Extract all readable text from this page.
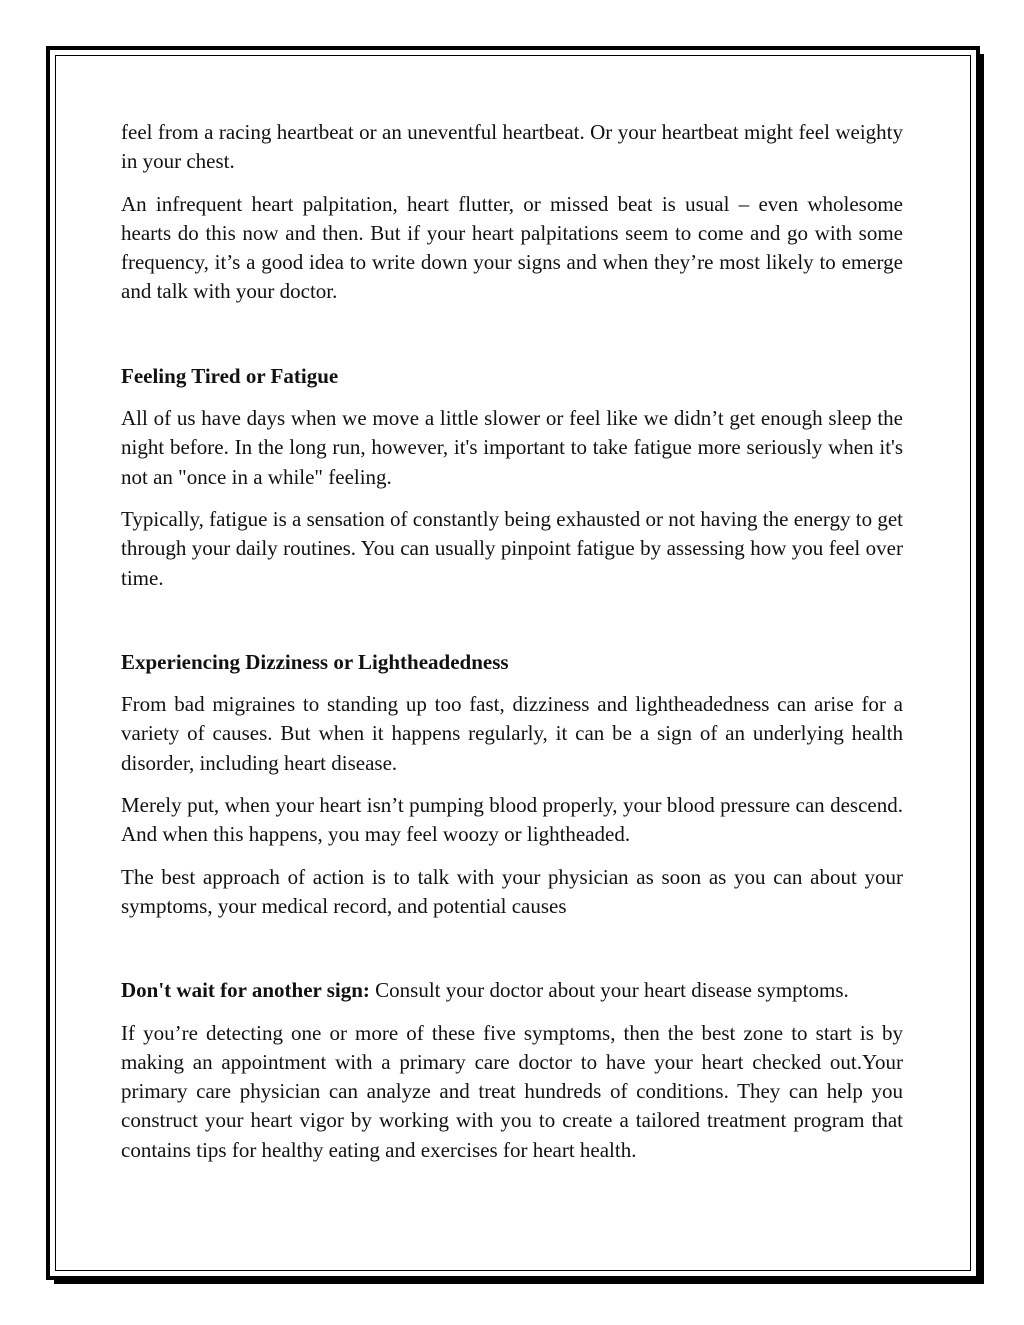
feel from a racing heartbeat or an uneventful heartbeat. Or your heartbeat might feel weighty in your chest.

An infrequent heart palpitation, heart flutter, or missed beat is usual – even wholesome hearts do this now and then. But if your heart palpitations seem to come and go with some frequency, it’s a good idea to write down your signs and when they’re most likely to emerge and talk with your doctor.

Feeling Tired or Fatigue

All of us have days when we move a little slower or feel like we didn’t get enough sleep the night before. In the long run, however, it's important to take fatigue more seriously when it's not an "once in a while" feeling.

Typically, fatigue is a sensation of constantly being exhausted or not having the energy to get through your daily routines. You can usually pinpoint fatigue by assessing how you feel over time.

Experiencing Dizziness or Lightheadedness

From bad migraines to standing up too fast, dizziness and lightheadedness can arise for a variety of causes. But when it happens regularly, it can be a sign of an underlying health disorder, including heart disease.

Merely put, when your heart isn’t pumping blood properly, your blood pressure can descend. And when this happens, you may feel woozy or lightheaded.

The best approach of action is to talk with your physician as soon as you can about your symptoms, your medical record, and potential causes

Don't wait for another sign: Consult your doctor about your heart disease symptoms.

If you’re detecting one or more of these five symptoms, then the best zone to start is by making an appointment with a primary care doctor to have your heart checked out.Your primary care physician can analyze and treat hundreds of conditions. They can help you construct your heart vigor by working with you to create a tailored treatment program that contains tips for healthy eating and exercises for heart health.
